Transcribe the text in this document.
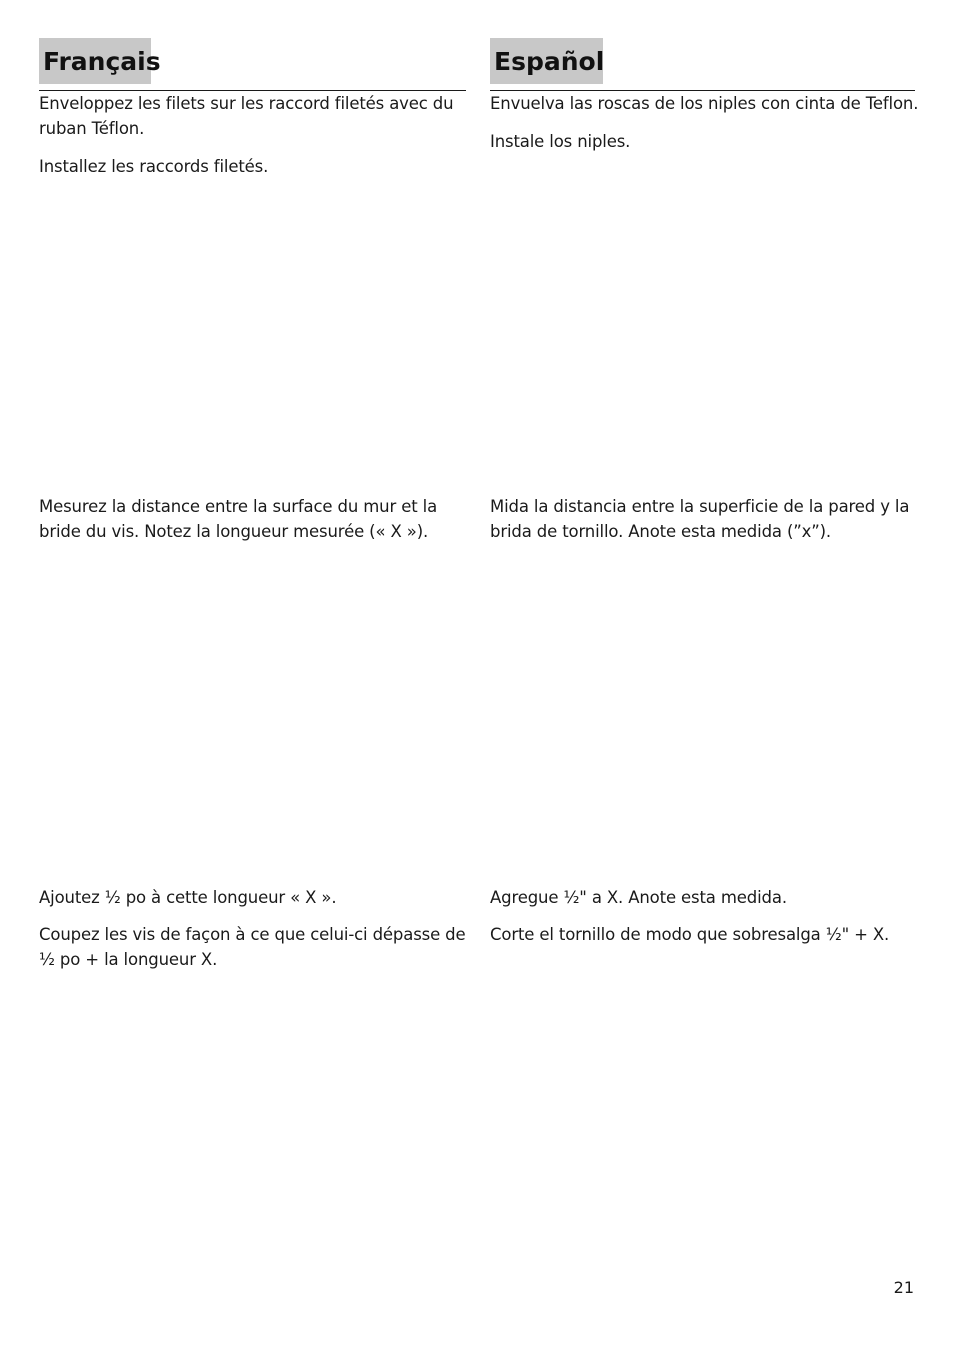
Français	Español

Enveloppez les filets sur les raccord filetés avec du ruban Téflon.

Installez les raccords filetés.

Mesurez la distance entre la surface du mur et la bride du vis. Notez la longueur mesurée (« X »).

Ajoutez ½ po à cette longueur « X ».

Coupez les vis de façon à ce que celui-ci dépasse de ½ po + la longueur X.

Envuelva las roscas de los niples con cinta de Teflon.

Instale los niples.

Mida la distancia entre la superficie de la pared y la brida de tornillo. Anote esta medida (”x”).

Agregue ½" a X. Anote esta medida.

Corte el tornillo de modo que sobresalga ½" + X.

21
